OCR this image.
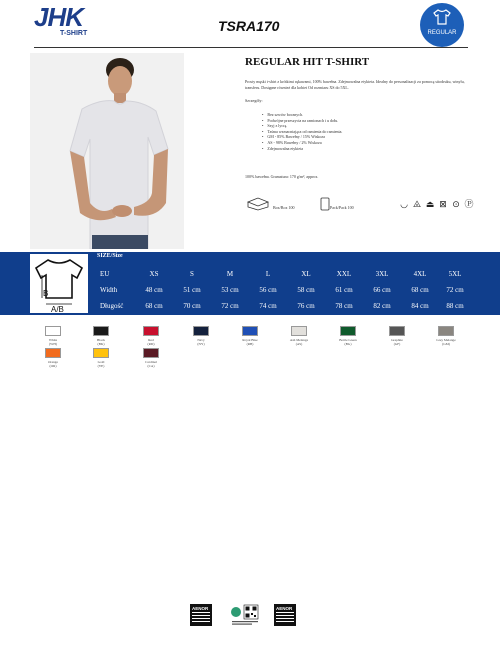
JHK
T-SHIRT	TSRA170	REGULAR
REGULAR HIT T-SHIRT
Prosty męski t-shirt z krótkimi rękawami, 100% bawełna. Zdejmowalna etykieta. Idealny do personalizacji za pomocą sitodruku, winylu, transferu. Dostępne również dla kobiet Od rozmiaru XS do 5XL.
Szczegóły:
• Bez szwów bocznych.
• Podwójne przeszycia na ramionach i u dołu.
• Szyj z lycrą.
• Taśma wzmacniająca od ramienia do ramienia.
• GM - 85% Bawełny / 15% Wiskoza
• AS - 98% Bawełny / 2% Wiskoza
• Zdejmowalna etykieta
100% bawełna. Gramatura: 170 g/m², approx.
Box/Box 100	Pack/Pack 100	◡ ⨻ ⏏ ⊠ ⊙ Ⓟ
B
A/B
SIZE/Size
EU	XS	S	M	L	XL	XXL	3XL	4XL	5XL
Width	48 cm	51 cm	53 cm	56 cm	58 cm	61 cm	66 cm	68 cm	72 cm
Długość	68 cm	70 cm	72 cm	74 cm	76 cm	78 cm	82 cm	84 cm	88 cm
White
(WH)
Black
(BK)
Red
(RD)
Navy
(NY)
Royal Blue
(RB)
Ash Melange
(AS)
Bottle Green
(BG)
Graphite
(GF)
Grey Melange
(GM)
Orange
(OR)
Gold
(YE)
Cardinal
(CA)
AENOR	AENOR
